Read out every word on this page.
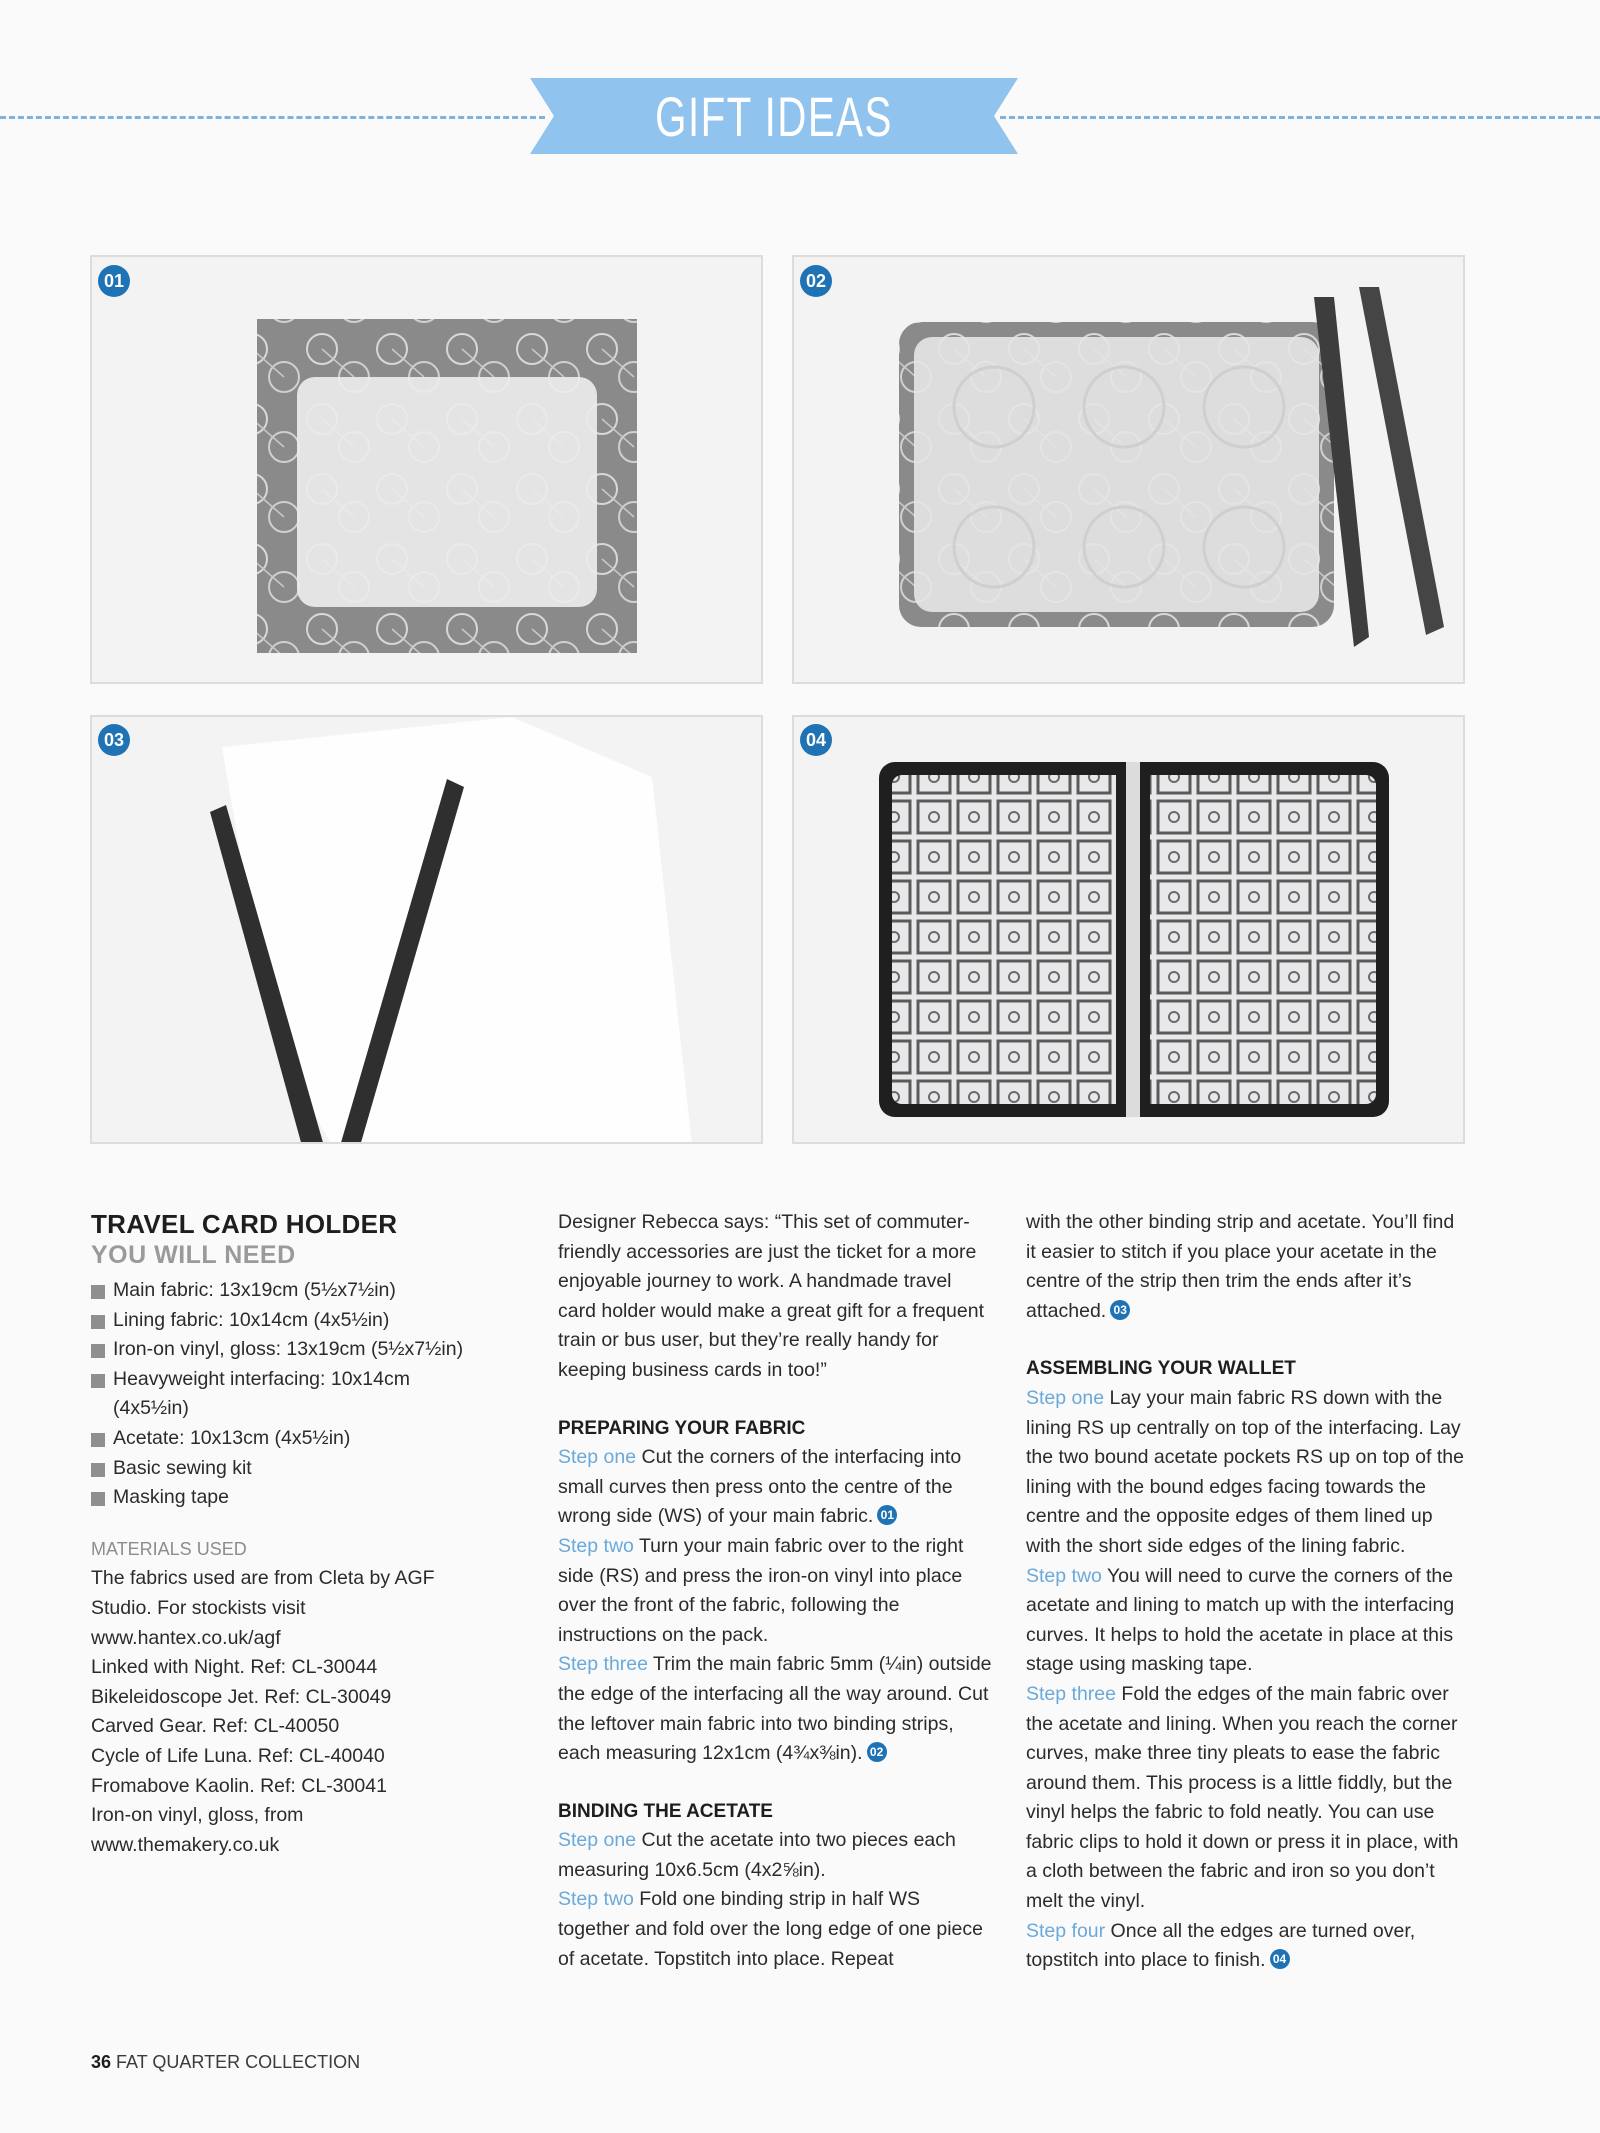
GIFT IDEAS
01	02
03	04
TRAVEL CARD HOLDER
YOU WILL NEED
Main fabric: 13x19cm (5½x7½in)
Lining fabric: 10x14cm (4x5½in)
Iron-on vinyl, gloss: 13x19cm (5½x7½in)
Heavyweight interfacing: 10x14cm (4x5½in)
Acetate: 10x13cm (4x5½in)
Basic sewing kit
Masking tape
MATERIALS USED

The fabrics used are from Cleta by AGF

Studio. For stockists visit

www.hantex.co.uk/agf

Linked with Night. Ref: CL-30044

Bikeleidoscope Jet. Ref: CL-30049

Carved Gear. Ref: CL-40050

Cycle of Life Luna. Ref: CL-40040

Fromabove Kaolin. Ref: CL-30041

Iron-on vinyl, gloss, from

www.themakery.co.uk

Designer Rebecca says: “This set of commuter-friendly accessories are just the ticket for a more enjoyable journey to work. A handmade travel card holder would make a great gift for a frequent train or bus user, but they’re really handy for keeping business cards in too!”

PREPARING YOUR FABRIC

Step one Cut the corners of the interfacing into small curves then press onto the centre of the wrong side (WS) of your main fabric. 01

Step two Turn your main fabric over to the right side (RS) and press the iron-on vinyl into place over the front of the fabric, following the instructions on the pack.

Step three Trim the main fabric 5mm (¼in) outside the edge of the interfacing all the way around. Cut the leftover main fabric into two binding strips, each measuring 12x1cm (4¾x⅜in). 02

BINDING THE ACETATE

Step one Cut the acetate into two pieces each measuring 10x6.5cm (4x2⅝in).

Step two Fold one binding strip in half WS together and fold over the long edge of one piece of acetate. Topstitch into place. Repeat

with the other binding strip and acetate. You’ll find it easier to stitch if you place your acetate in the centre of the strip then trim the ends after it’s attached. 03

ASSEMBLING YOUR WALLET

Step one Lay your main fabric RS down with the lining RS up centrally on top of the interfacing. Lay the two bound acetate pockets RS up on top of the lining with the bound edges facing towards the centre and the opposite edges of them lined up with the short side edges of the lining fabric.

Step two You will need to curve the corners of the acetate and lining to match up with the interfacing curves. It helps to hold the acetate in place at this stage using masking tape.

Step three Fold the edges of the main fabric over the acetate and lining. When you reach the corner curves, make three tiny pleats to ease the fabric around them. This process is a little fiddly, but the vinyl helps the fabric to fold neatly. You can use fabric clips to hold it down or press it in place, with a cloth between the fabric and iron so you don’t melt the vinyl.

Step four Once all the edges are turned over, topstitch into place to finish. 04

36 FAT QUARTER COLLECTION
